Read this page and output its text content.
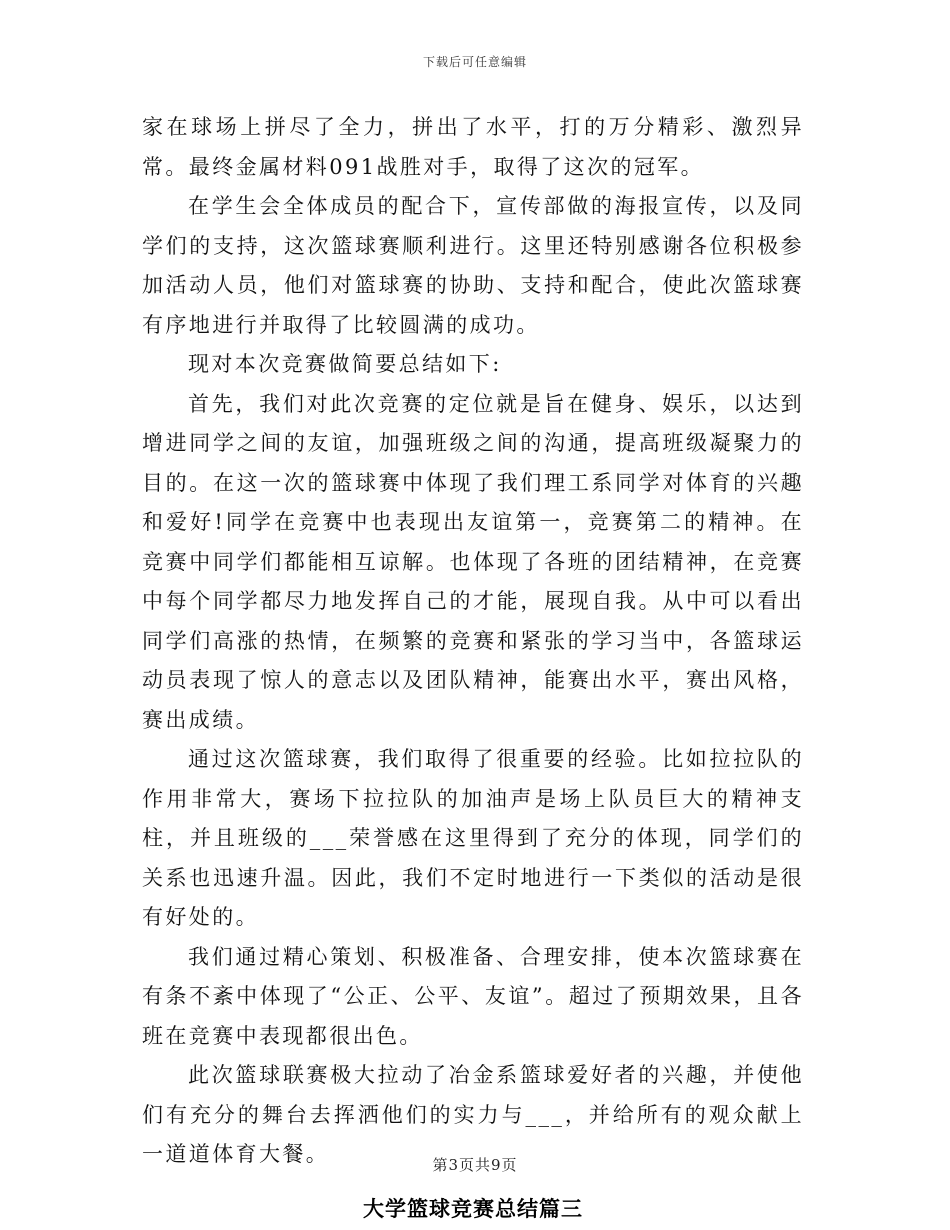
下载后可任意编辑

家在球场上拼尽了全力，拼出了水平，打的万分精彩、激烈异常。最终金属材料091战胜对手，取得了这次的冠军。

在学生会全体成员的配合下，宣传部做的海报宣传，以及同学们的支持，这次篮球赛顺利进行。这里还特别感谢各位积极参加活动人员，他们对篮球赛的协助、支持和配合，使此次篮球赛有序地进行并取得了比较圆满的成功。

现对本次竞赛做简要总结如下:

首先，我们对此次竞赛的定位就是旨在健身、娱乐，以达到增进同学之间的友谊，加强班级之间的沟通，提高班级凝聚力的目的。在这一次的篮球赛中体现了我们理工系同学对体育的兴趣和爱好!同学在竞赛中也表现出友谊第一，竞赛第二的精神。在竞赛中同学们都能相互谅解。也体现了各班的团结精神，在竞赛中每个同学都尽力地发挥自己的才能，展现自我。从中可以看出同学们高涨的热情，在频繁的竞赛和紧张的学习当中，各篮球运动员表现了惊人的意志以及团队精神，能赛出水平，赛出风格，赛出成绩。

通过这次篮球赛，我们取得了很重要的经验。比如拉拉队的作用非常大，赛场下拉拉队的加油声是场上队员巨大的精神支柱，并且班级的___荣誉感在这里得到了充分的体现，同学们的关系也迅速升温。因此，我们不定时地进行一下类似的活动是很有好处的。

我们通过精心策划、积极准备、合理安排，使本次篮球赛在有条不紊中体现了“公正、公平、友谊”。超过了预期效果，且各班在竞赛中表现都很出色。

此次篮球联赛极大拉动了冶金系篮球爱好者的兴趣，并使他们有充分的舞台去挥洒他们的实力与___，并给所有的观众献上一道道体育大餐。

大学篮球竞赛总结篇三
第3页共9页
